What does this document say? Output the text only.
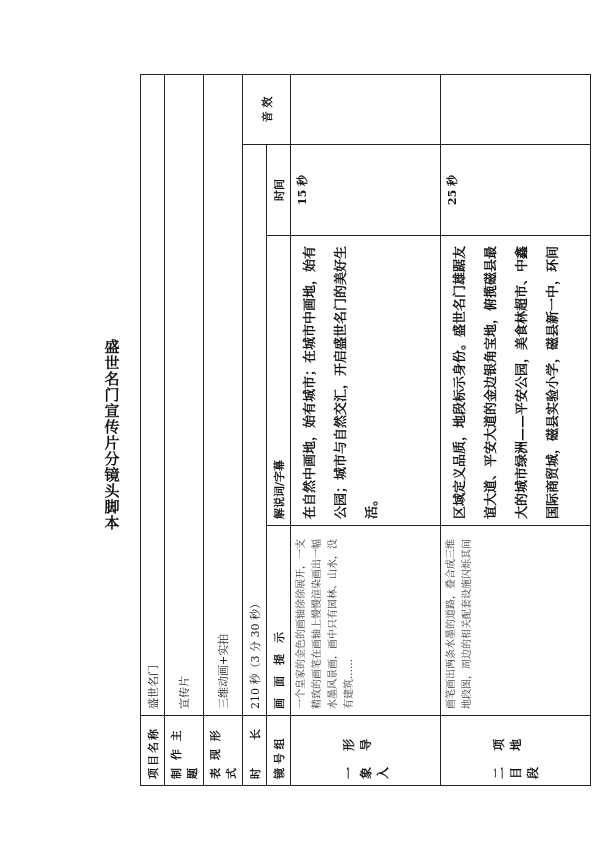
盛世名门宣传片分镜头脚本
项目名称	盛世名门			
制 作 主 题	宣传片			
表 现 形 式	三维动画+实拍			
时　　长	210 秒（3 分 30 秒）			音 效
镜 号 组	画　面　提　示	解说词/字幕	时间	
一 形 象 导 入	一个皇家的金色的画轴徐徐展开，一支精致的画笔在画轴上慢慢渲染画出一幅水墨风景画，画中只有园林、山水，没有建筑……	在自然中画地，始有城市；在城市中画地，始有公园；城市与自然交汇，开启盛世名门的美好生活。	15 秒	
二 项 目 地 段	画笔画出两条水墨的道路，叠合成三维地段图，周边的相关配套设施闪烁其间	区域定义品质，地段标示身份。盛世名门雄踞友谊大道、平安大道的金边银角宝地，俯揽磁县最大的城市绿洲——平安公园，美食林超市、中鑫国际商贸城，磁县实验小学，磁县新一中，环间	25 秒	
